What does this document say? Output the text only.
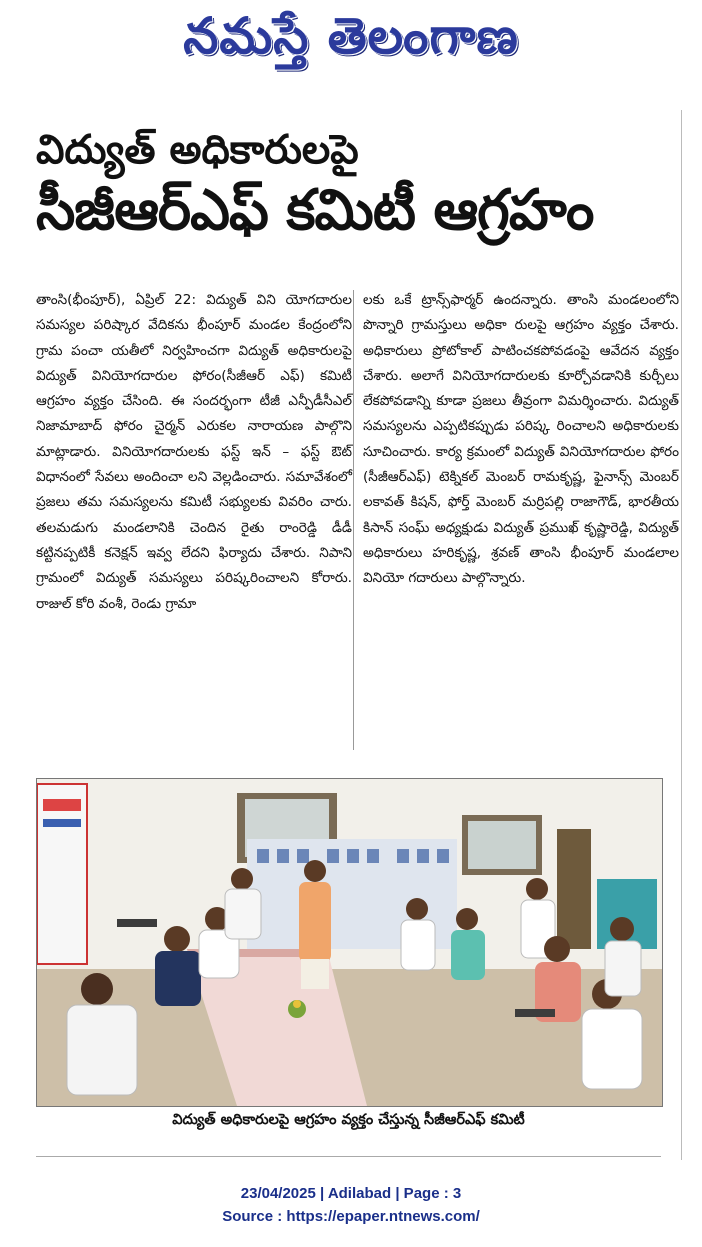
నమస్తే తెలంగాణ
విద్యుత్ అధికారులపై
సీజీఆర్ఎఫ్ కమిటీ ఆగ్రహం
తాంసి(భీంపూర్), ఏప్రిల్ 22: విద్యుత్ విని యోగదారుల సమస్యల పరిష్కార వేదికను భీంపూర్ మండల కేంద్రంలోని గ్రామ పంచా యతీలో నిర్వహించగా విద్యుత్ అధికారులపై విద్యుత్ వినియోగదారుల ఫోరం(సీజీఆర్ ఎఫ్) కమిటీ ఆగ్రహం వ్యక్తం చేసింది. ఈ సందర్భంగా టీజీ ఎన్పీడీసీఎల్ నిజామాబాద్ ఫోరం చైర్మన్ ఎరుకల నారాయణ పాల్గొని మాట్లాడారు. వినియోగదారులకు ఫస్ట్ ఇన్ – ఫస్ట్ ఔట్ విధానంలో సేవలు అందించా లని వెల్లడించారు. సమావేశంలో ప్రజలు తమ సమస్యలను కమిటీ సభ్యులకు వివరిం చారు. తలమడుగు మండలానికి చెందిన రైతు రాంరెడ్డి డీడీ కట్టినప్పటికీ కనెక్షన్ ఇవ్వ లేదని ఫిర్యాదు చేశారు. నిపాని గ్రామంలో విద్యుత్ సమస్యలు పరిష్కరించాలని కోరారు. రాజుల్ కోరి వంశీ, రెండు గ్రామా
లకు ఒకే ట్రాన్స్‌ఫార్మర్ ఉందన్నారు. తాంసి మండలంలోని పొన్నారి గ్రామస్తులు అధికా రులపై ఆగ్రహం వ్యక్తం చేశారు. అధికారులు ప్రోటోకాల్ పాటించకపోవడంపై ఆవేదన వ్యక్తం చేశారు. అలాగే వినియోగదారులకు కూర్చోవడానికి కుర్చీలు లేకపోవడాన్ని కూడా ప్రజలు తీవ్రంగా విమర్శించారు. విద్యుత్ సమస్యలను ఎప్పటికప్పుడు పరిష్క రించాలని అధికారులకు సూచించారు. కార్య క్రమంలో విద్యుత్ వినియోగదారుల ఫోరం (సీజీఆర్ఎఫ్) టెక్నికల్ మెంబర్ రామకృష్ణ, ఫైనాన్స్ మెంబర్ లకావత్ కిషన్, ఫోర్త్ మెంబర్ మర్రిపల్లి రాజాగౌడ్, భారతీయ కిసాన్ సంఘ్ అధ్యక్షుడు విద్యుత్ ప్రముఖ్ కృష్ణారెడ్డి, విద్యుత్ అధికారులు హరికృష్ణ, శ్రవణ్ తాంసి భీంపూర్ మండలాల వినియో గదారులు పాల్గొన్నారు.
విద్యుత్ అధికారులపై ఆగ్రహం వ్యక్తం చేస్తున్న సీజీఆర్ఎఫ్ కమిటీ
23/04/2025 | Adilabad | Page : 3
Source : https://epaper.ntnews.com/
